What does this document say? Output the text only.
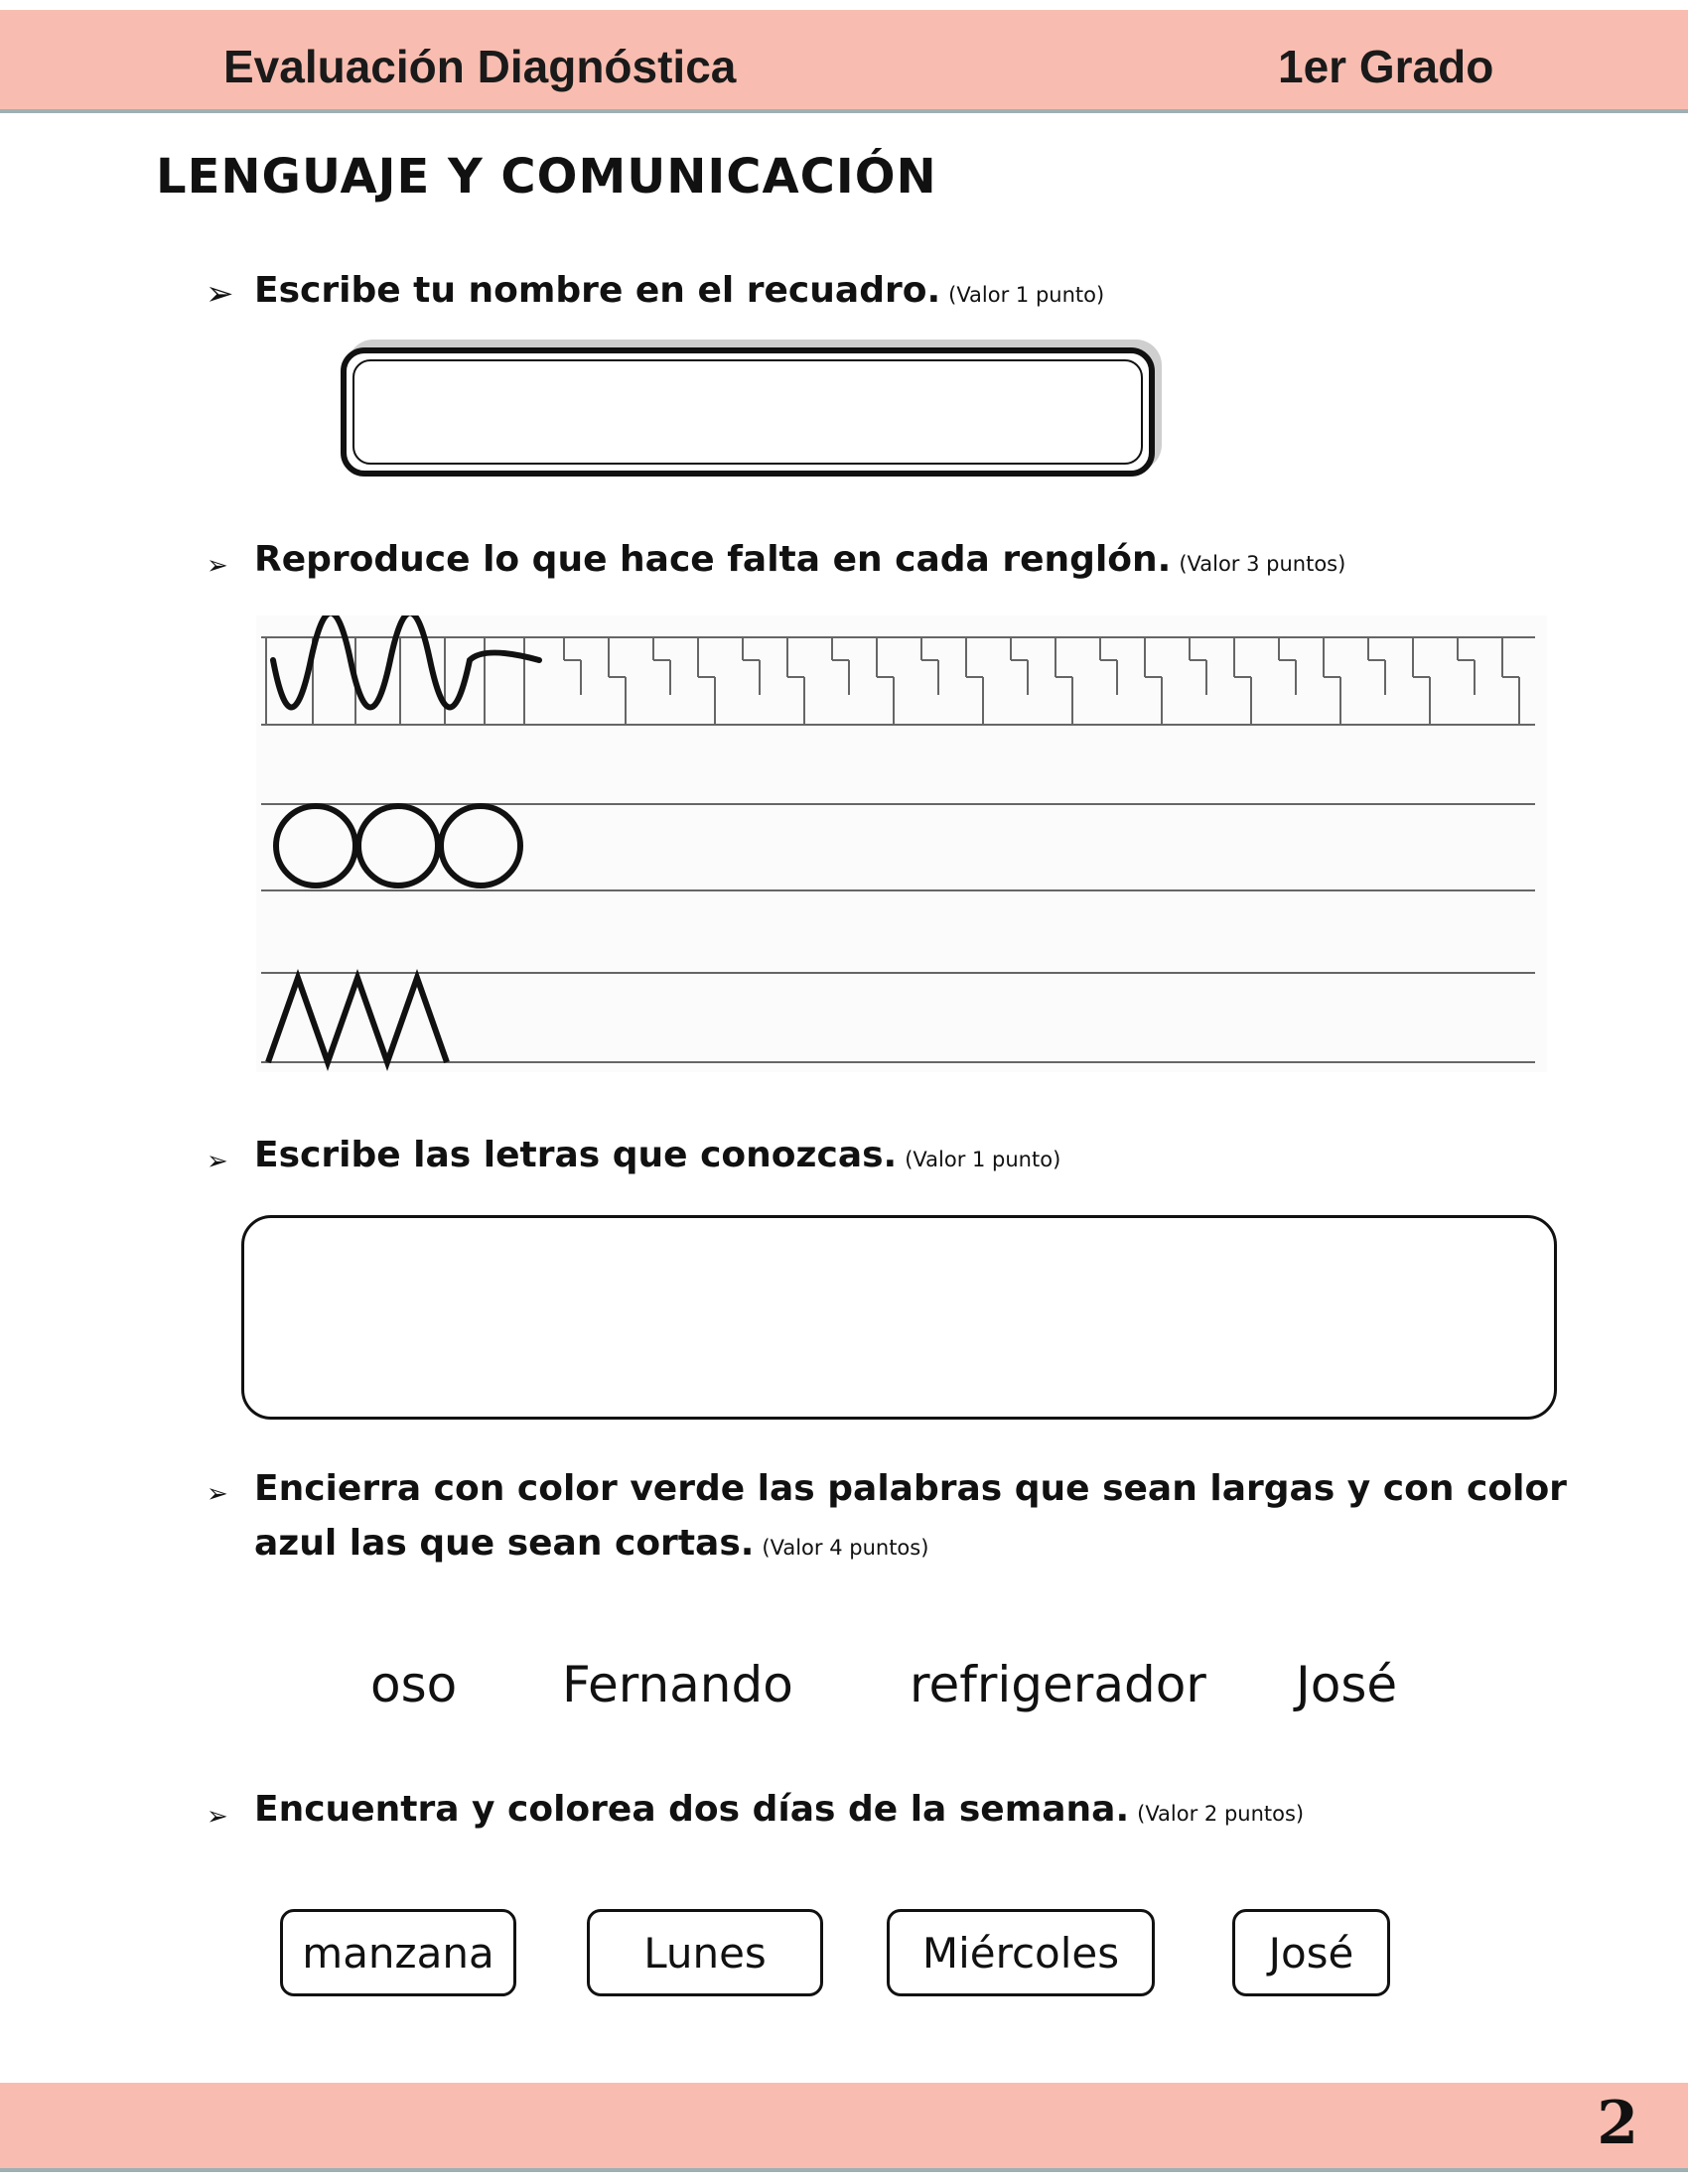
Evaluación Diagnóstica	1er Grado
LENGUAJE Y COMUNICACIÓN
➢ Escribe tu nombre en el recuadro. (Valor 1 punto)
➢ Reproduce lo que hace falta en cada renglón. (Valor 3 puntos)
➢ Escribe las letras que conozcas. (Valor 1 punto)
➢ Encierra con color verde las palabras que sean largas y con color azul las que sean cortas. (Valor 4 puntos)
oso Fernando refrigerador José
➢ Encuentra y colorea dos días de la semana. (Valor 2 puntos)
manzana	Lunes	Miércoles	José
2
